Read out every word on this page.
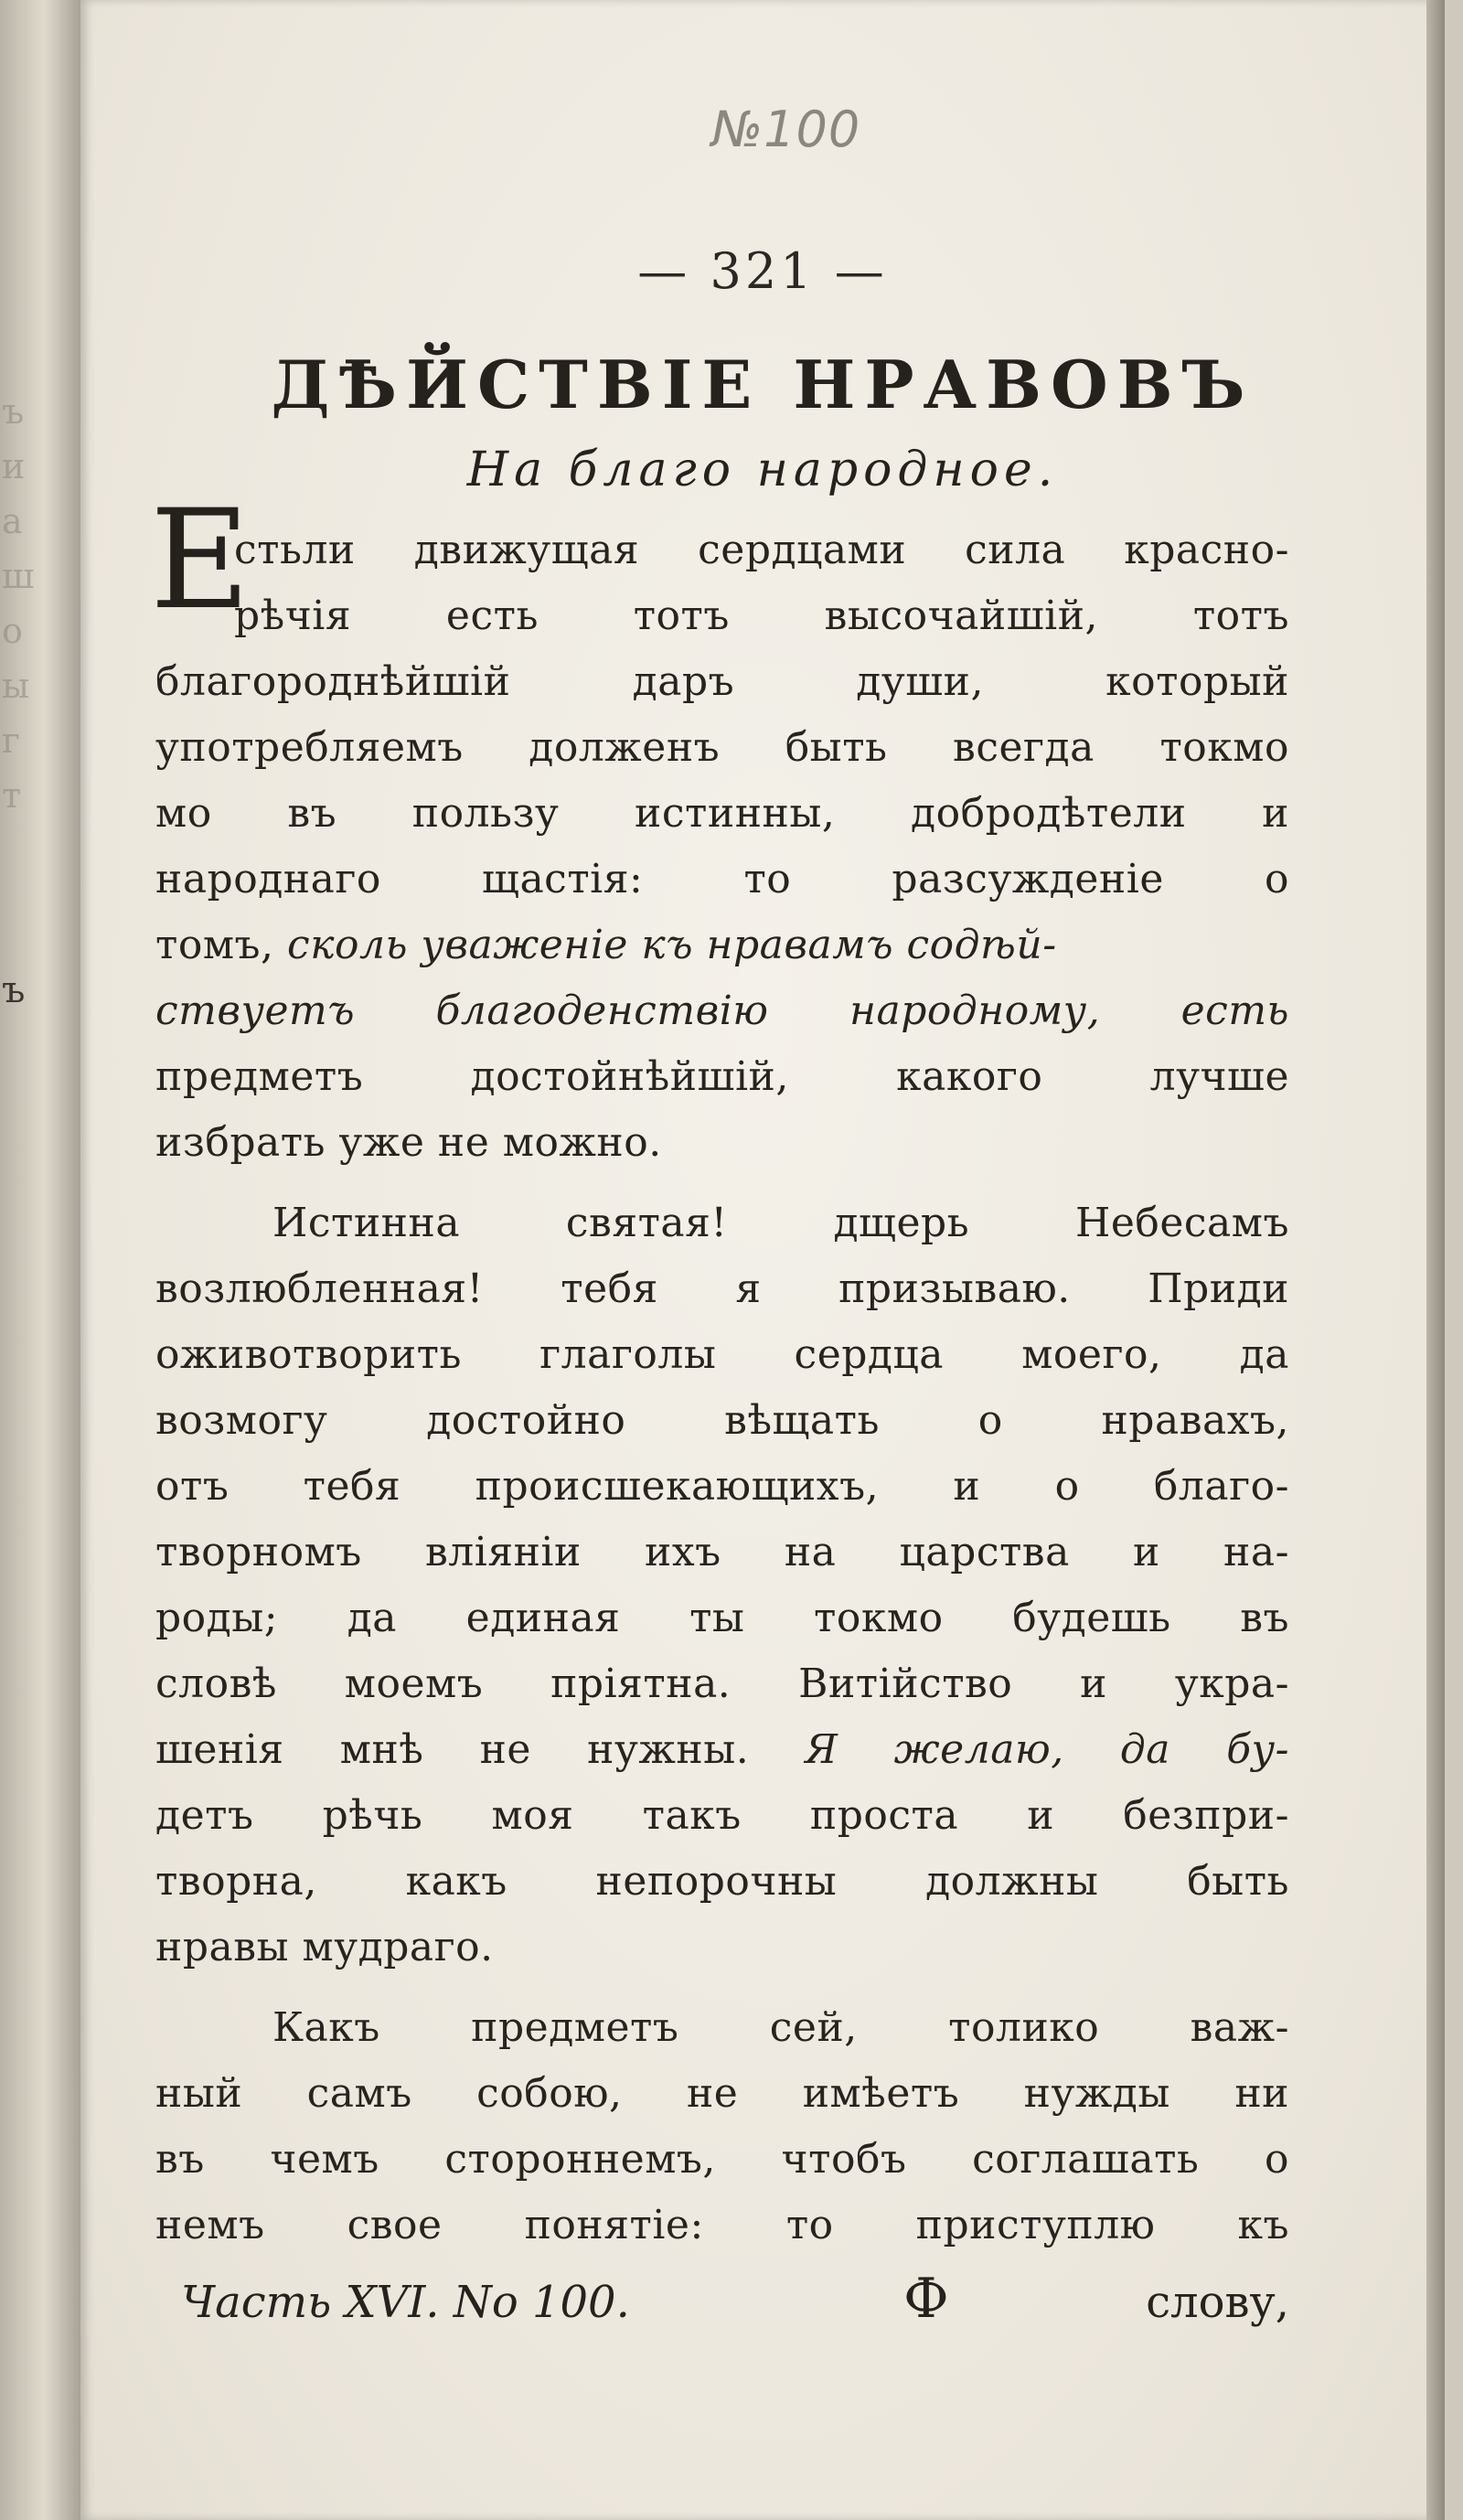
ъ
и
а
ш
о
ы
г
т
ъ
№100
— 321 —
ДѢЙСТВІЕ НРАВОВЪ
На благо народное.
Е
стьли движущая сердцами сила красно-
рѣчія есть тотъ высочайшій, тотъ
благороднѣйшій даръ души, который
употребляемъ долженъ быть всегда токмо
мо въ пользу истинны, добродѣтели и
народнаго щастія: то разсужденіе о
томъ, сколь уваженіе къ нравамъ содѣй-
ствуетъ благоденствію народному, есть
предметъ достойнѣйшій, какого лучше
избрать уже не можно.
Истинна святая! дщерь Небесамъ
возлюбленная! тебя я призываю. Приди
оживотворить глаголы сердца моего, да
возмогу достойно вѣщать о нравахъ,
отъ тебя происшекающихъ, и о благо-
творномъ вліяніи ихъ на царства и на-
роды; да единая ты токмо будешь въ
словѣ моемъ пріятна. Витійство и укра-
шенія мнѣ не нужны. Я желаю, да бу-
детъ рѣчь моя такъ проста и безпри-
творна, какъ непорочны должны быть
нравы мудраго.
Какъ предметъ сей, толико важ-
ный самъ собою, не имѣетъ нужды ни
въ чемъ стороннемъ, чтобъ соглашать о
немъ свое понятіе: то приступлю къ
Часть XVI. No 100.	Ф	слову,
